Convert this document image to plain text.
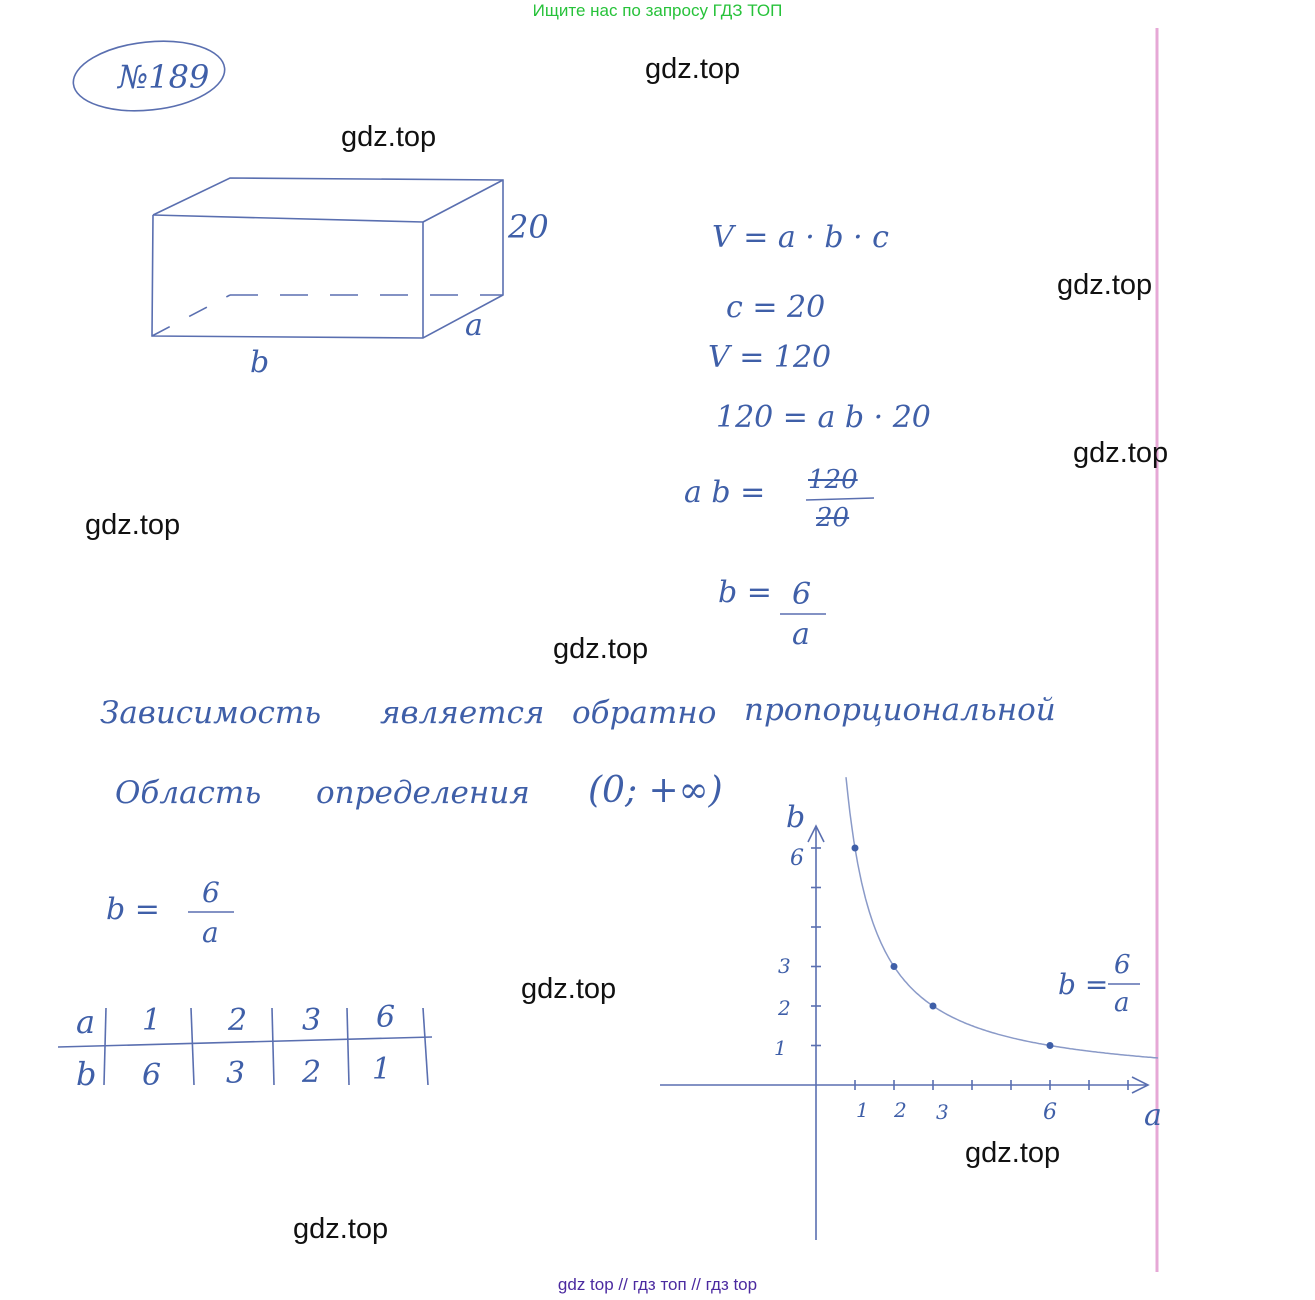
Ищите нас по запросу ГДЗ ТОП
№189
20
b
a
V = a · b · c
c = 20
V = 120
120 = a b · 20
a b = 120
20
b = 6
a
Зависимость является обратно пропорциональной
Область определения (0; +∞)
b = 6
a
a 1 2 3 6
b 6 3 2 1
b
a
1 2 3	6
1
2
3
6
b =
6
a
gdz.top
gdz.top
gdz.top
gdz.top
gdz.top
gdz.top
gdz.top
gdz.top
gdz.top
gdz top // гдз топ // гдз top
